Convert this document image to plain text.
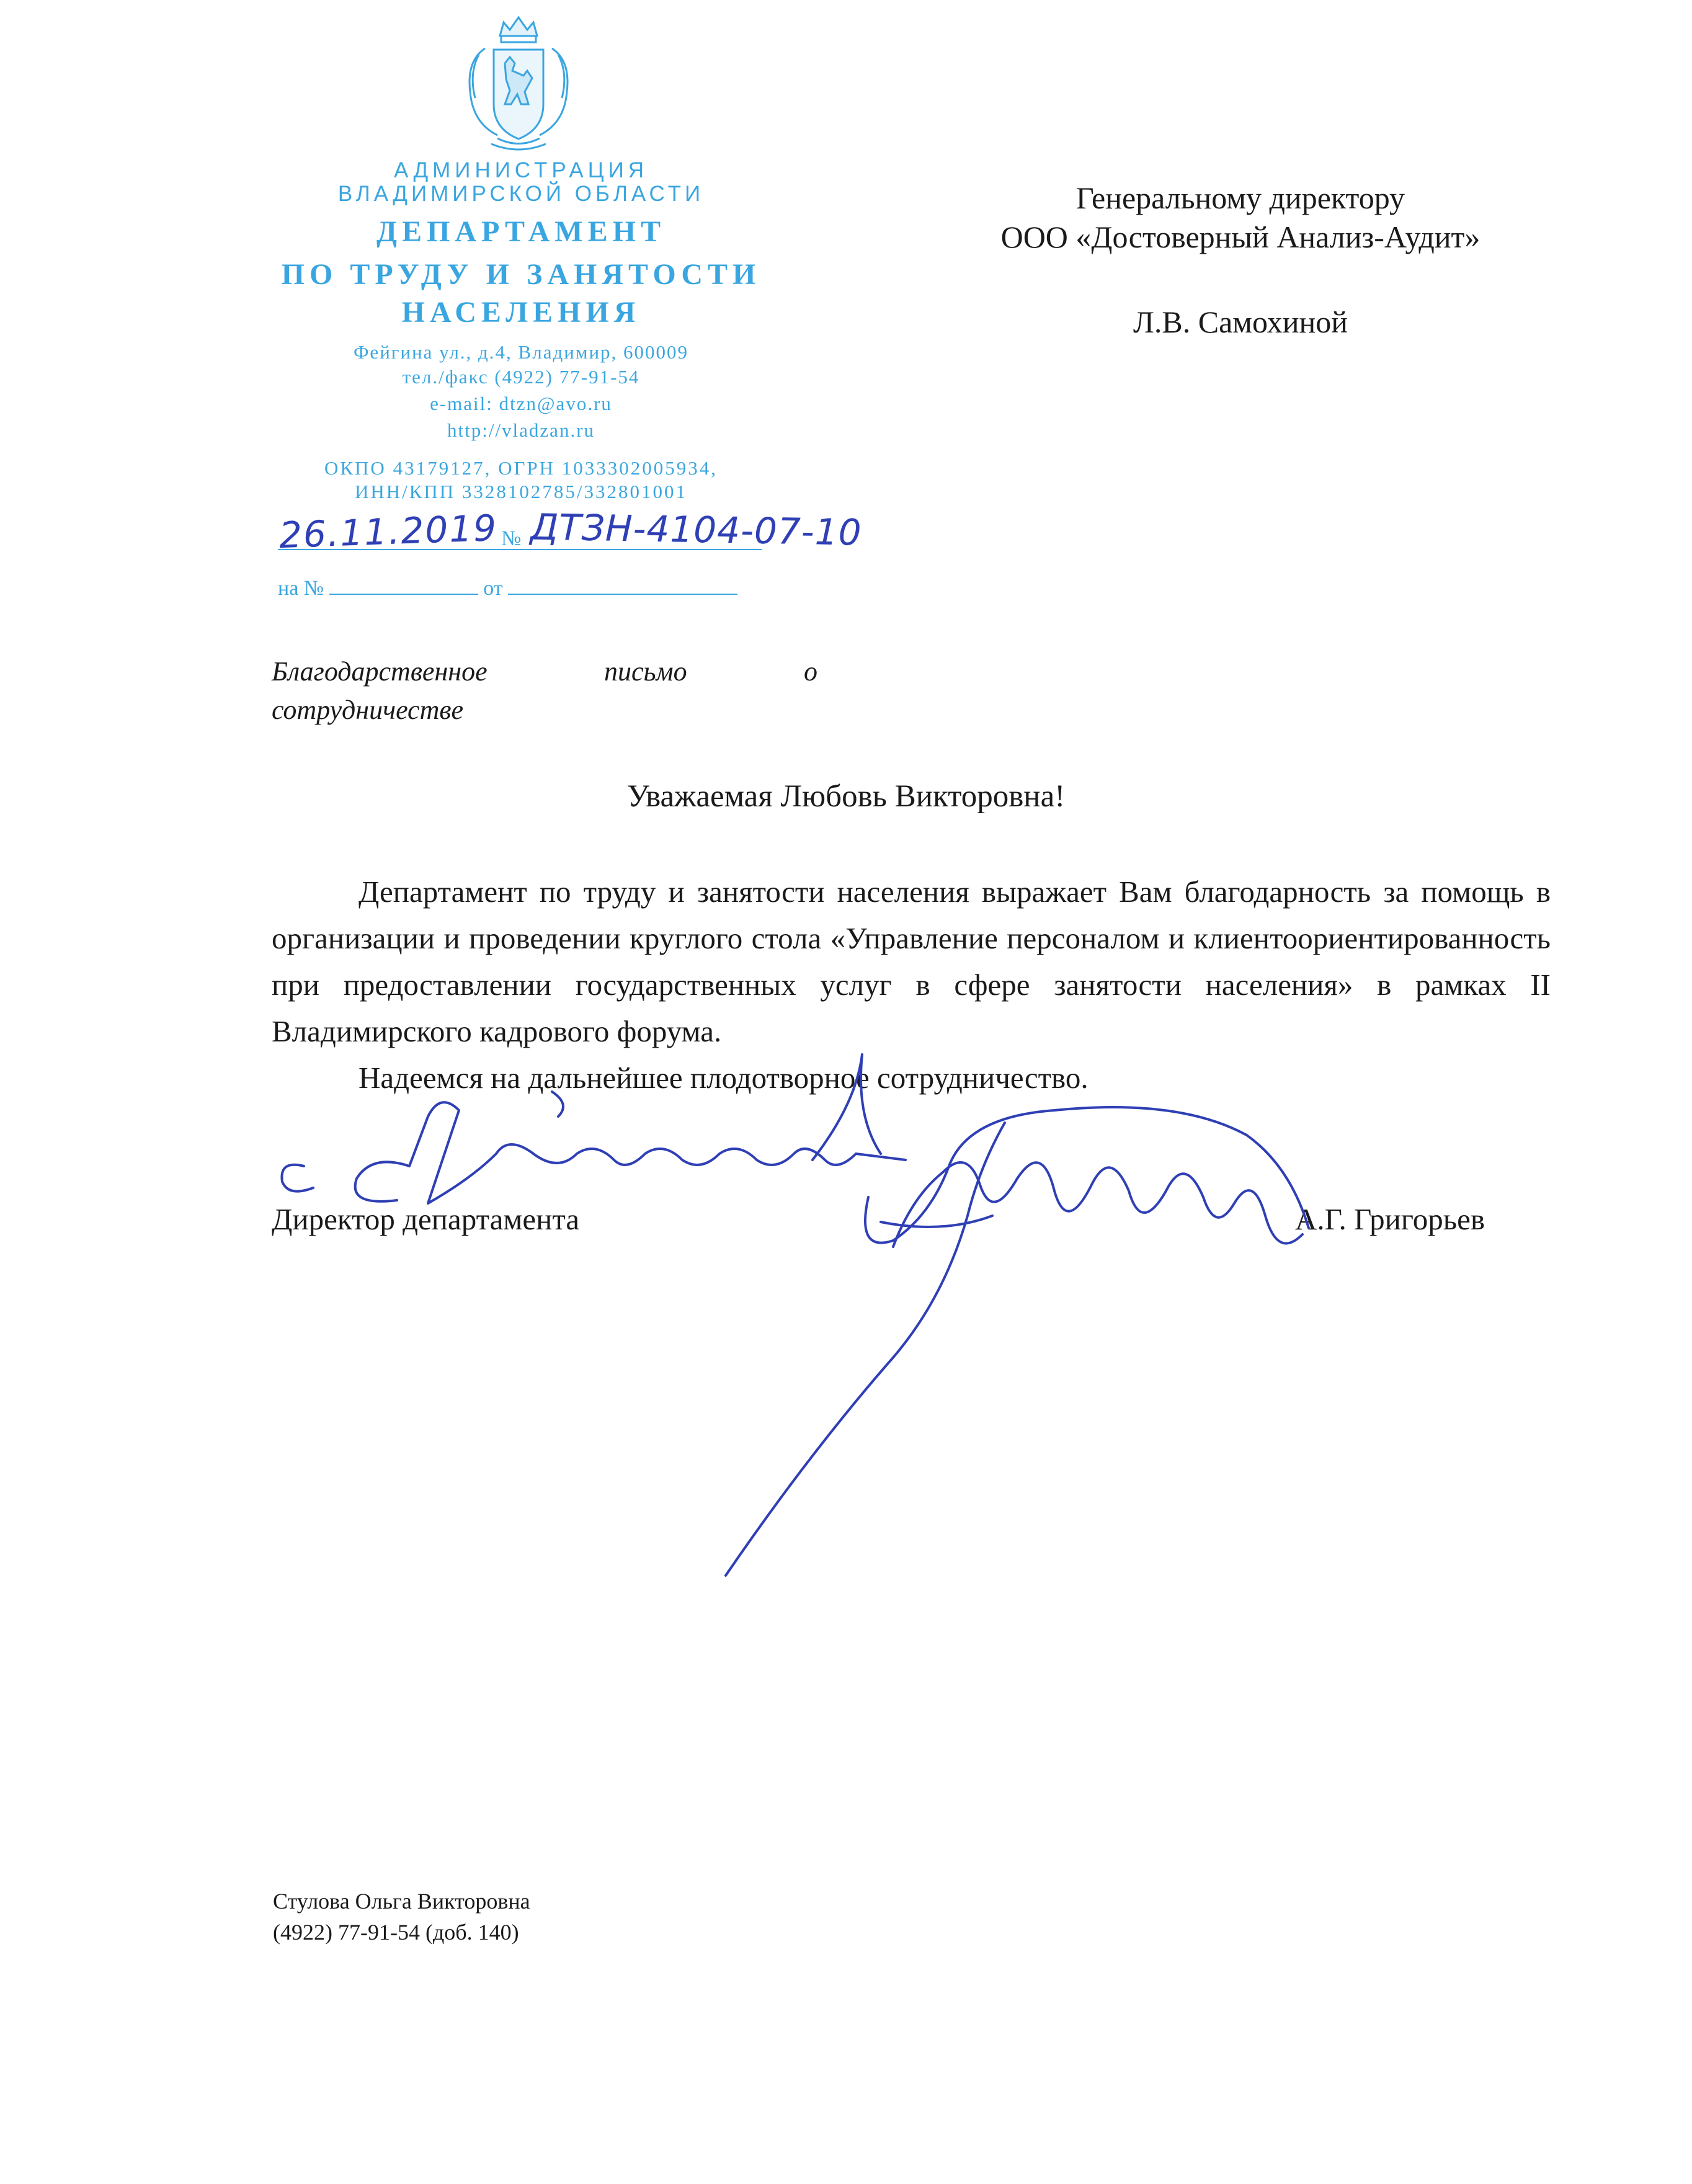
АДМИНИСТРАЦИЯ
ВЛАДИМИРСКОЙ ОБЛАСТИ
ДЕПАРТАМЕНТ
ПО ТРУДУ И ЗАНЯТОСТИ
НАСЕЛЕНИЯ
Фейгина ул., д.4, Владимир, 600009
тел./факс (4922) 77-91-54
e-mail: dtzn@avo.ru
http://vladzan.ru
ОКПО 43179127, ОГРН 1033302005934,
ИНН/КПП 3328102785/332801001
26.11.2019 № ДТЗН-4104-07-10
на №	от
Генеральному директору
ООО «Достоверный Анализ-Аудит»
Л.В. Самохиной
Благодарственное	письмо	о
сотрудничестве
Уважаемая Любовь Викторовна!

Департамент по труду и занятости населения выражает Вам благодарность за помощь в организации и проведении круглого стола «Управление персоналом и клиентоориентированность при предоставлении государственных услуг в сфере занятости населения» в рамках II Владимирского кадрового форума.

Надеемся на дальнейшее плодотворное сотрудничество.

Директор департамента	А.Г. Григорьев
Стулова Ольга Викторовна
(4922) 77-91-54 (доб. 140)
